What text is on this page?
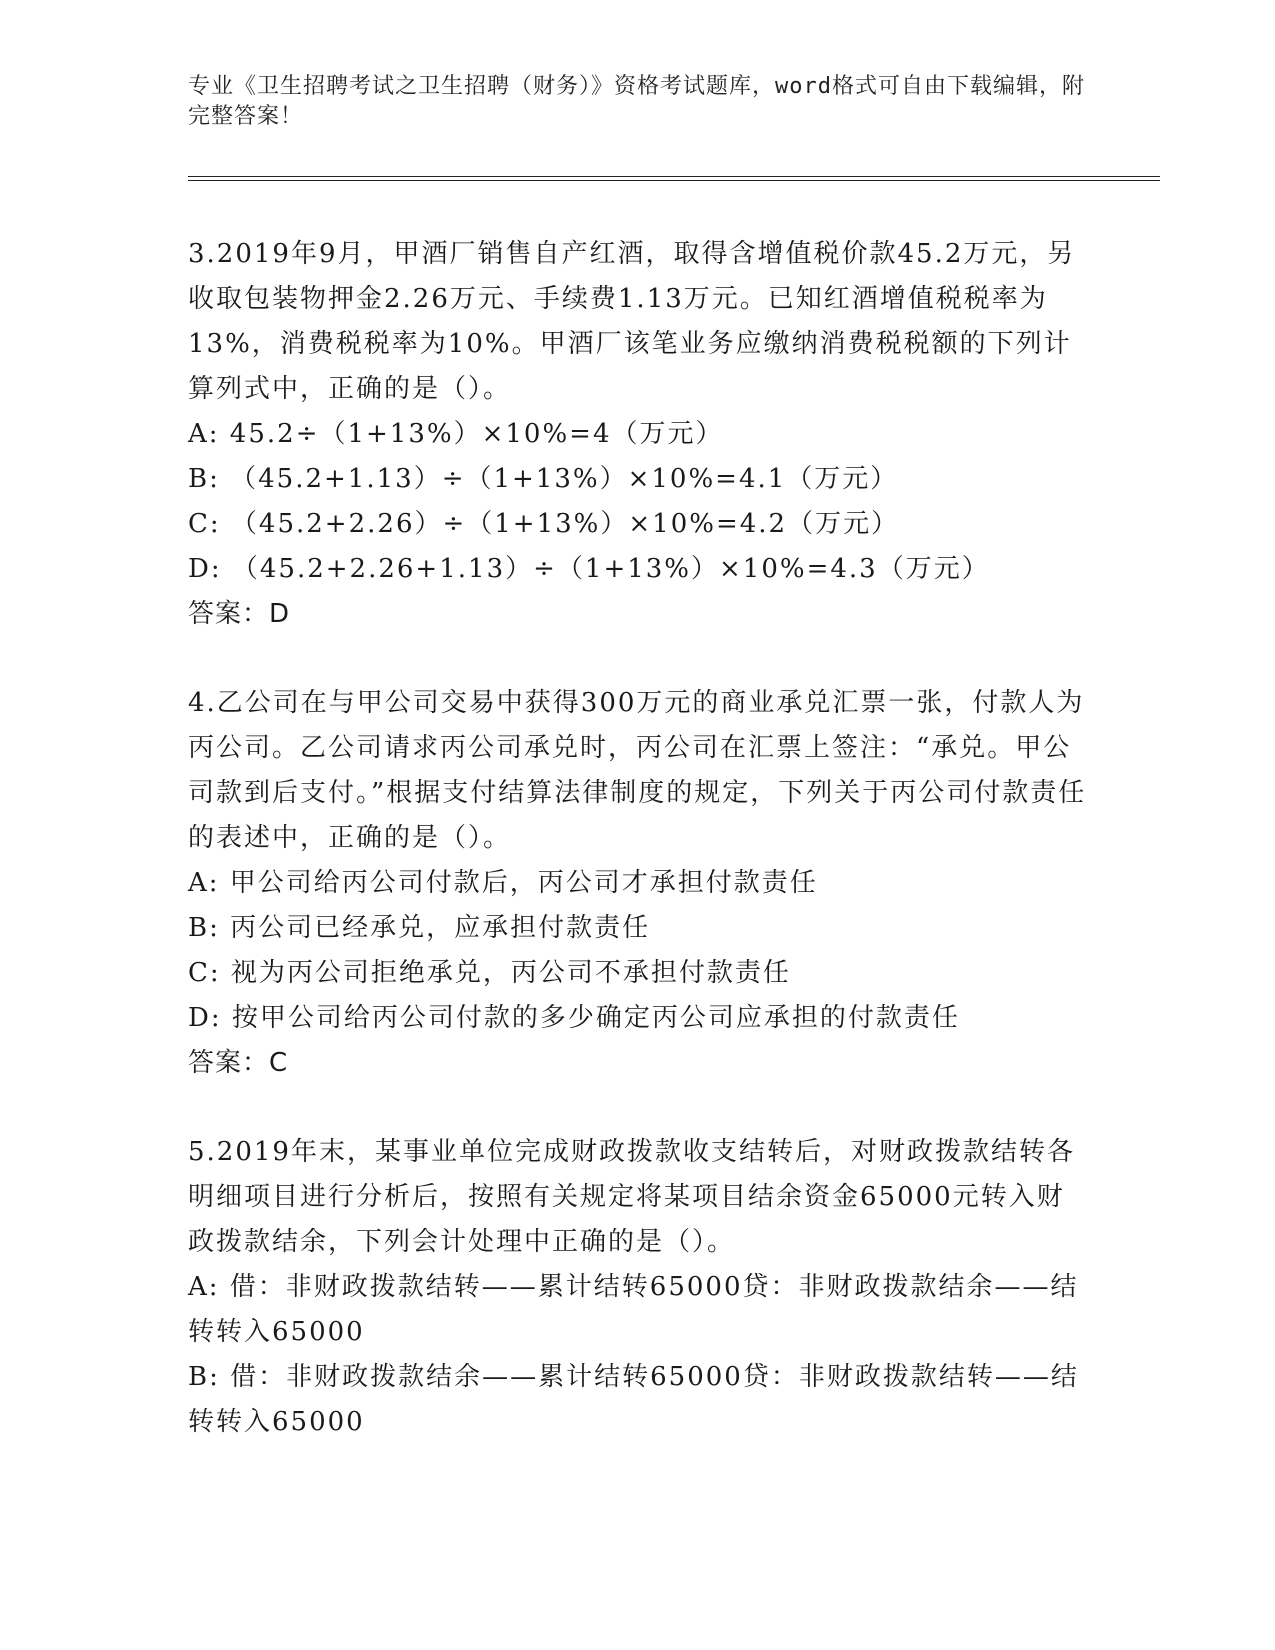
专业《卫生招聘考试之卫生招聘（财务）》资格考试题库，word格式可自由下载编辑，附完整答案！
3.2019年9月，甲酒厂销售自产红酒，取得含增值税价款45.2万元，另收取包装物押金2.26万元、手续费1.13万元。已知红酒增值税税率为13%，消费税税率为10%。甲酒厂该笔业务应缴纳消费税税额的下列计算列式中，正确的是（）。
A: 45.2÷（1+13%）×10%=4（万元）
B: （45.2+1.13）÷（1+13%）×10%=4.1（万元）
C: （45.2+2.26）÷（1+13%）×10%=4.2（万元）
D: （45.2+2.26+1.13）÷（1+13%）×10%=4.3（万元）
答案：D
4.乙公司在与甲公司交易中获得300万元的商业承兑汇票一张，付款人为丙公司。乙公司请求丙公司承兑时，丙公司在汇票上签注：“承兑。甲公司款到后支付。”根据支付结算法律制度的规定，下列关于丙公司付款责任的表述中，正确的是（）。
A: 甲公司给丙公司付款后，丙公司才承担付款责任
B: 丙公司已经承兑，应承担付款责任
C: 视为丙公司拒绝承兑，丙公司不承担付款责任
D: 按甲公司给丙公司付款的多少确定丙公司应承担的付款责任
答案：C
5.2019年末，某事业单位完成财政拨款收支结转后，对财政拨款结转各明细项目进行分析后，按照有关规定将某项目结余资金65000元转入财政拨款结余，下列会计处理中正确的是（）。
A: 借：非财政拨款结转——累计结转65000贷：非财政拨款结余——结转转入65000
B: 借：非财政拨款结余——累计结转65000贷：非财政拨款结转——结转转入65000
